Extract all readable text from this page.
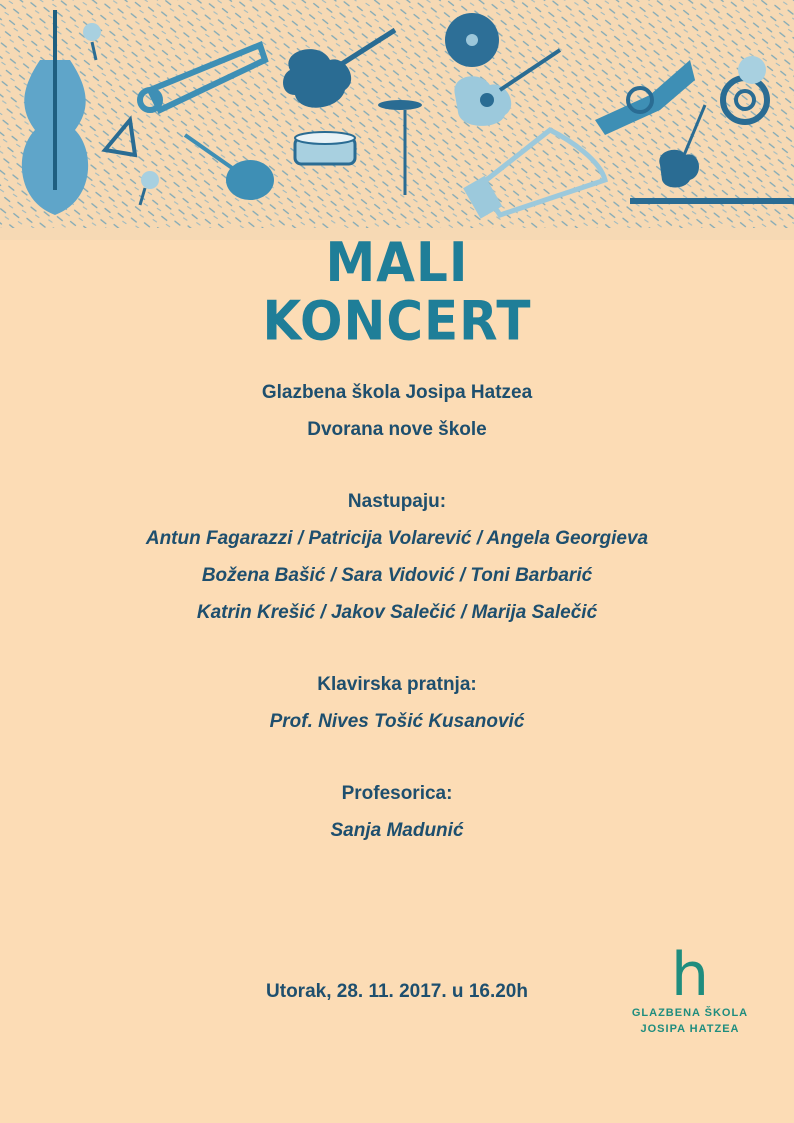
MALI
KONCERT
Glazbena škola Josipa Hatzea
Dvorana nove škole
Nastupaju:
Antun Fagarazzi / Patricija Volarević / Angela Georgieva
Božena Bašić / Sara Vidović / Toni Barbarić
Katrin Krešić / Jakov Salečić / Marija Salečić
Klavirska pratnja:
Prof. Nives Tošić Kusanović
Profesorica:
Sanja Madunić
Utorak, 28. 11. 2017. u 16.20h	h
GLAZBENA ŠKOLA
JOSIPA HATZEA
